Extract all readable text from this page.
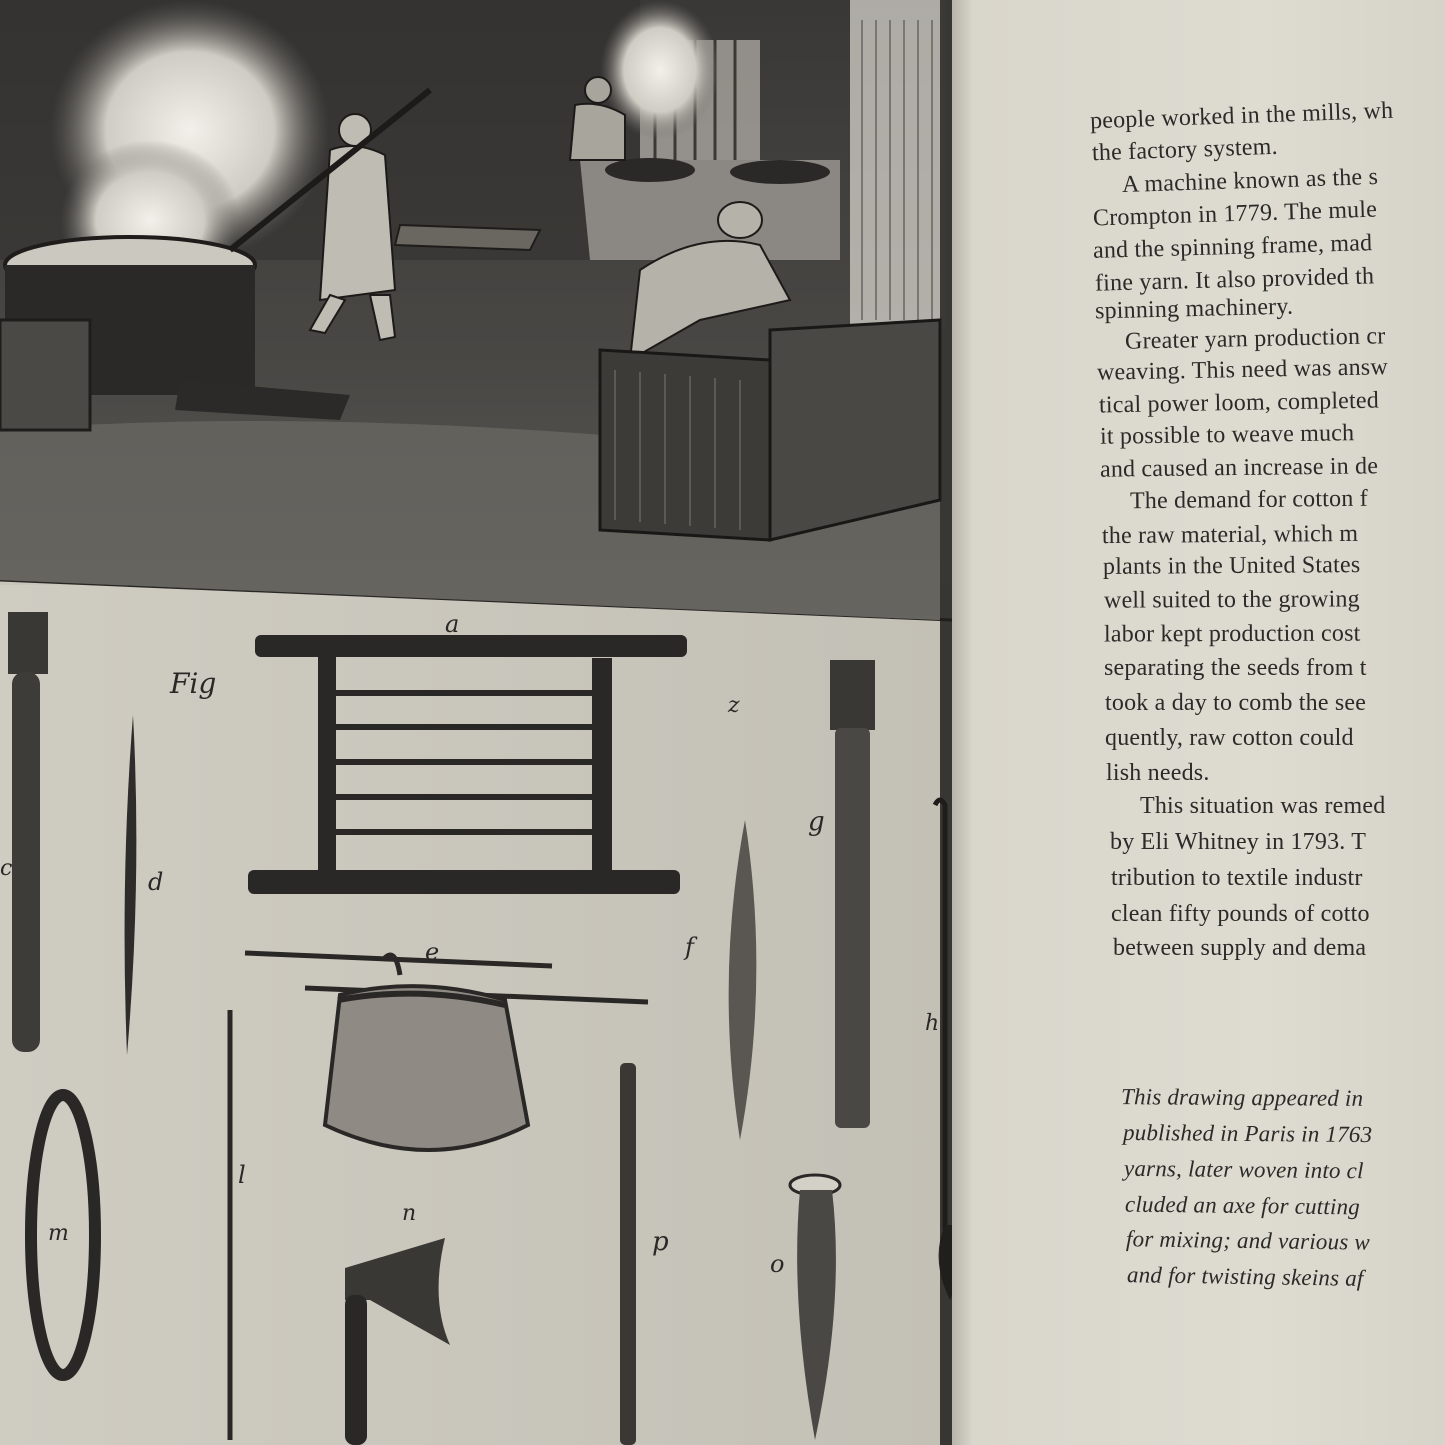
Fig
a
z
c	d
g
e	f
h
l
m
n
p
o
people worked in the mills, wh
the factory system.
A machine known as the s
Crompton in 1779. The mule
and the spinning frame, mad
fine yarn. It also provided th
spinning machinery.
Greater yarn production cr
weaving. This need was answ
tical power loom, completed
it possible to weave much
and caused an increase in de
The demand for cotton f
the raw material, which m
plants in the United States
well suited to the growing
labor kept production cost
separating the seeds from t
took a day to comb the see
quently, raw cotton could
lish needs.
This situation was remed
by Eli Whitney in 1793. T
tribution to textile industr
clean fifty pounds of cotto
between supply and dema
This drawing appeared in
published in Paris in 1763
yarns, later woven into cl
cluded an axe for cutting
for mixing; and various w
and for twisting skeins af
